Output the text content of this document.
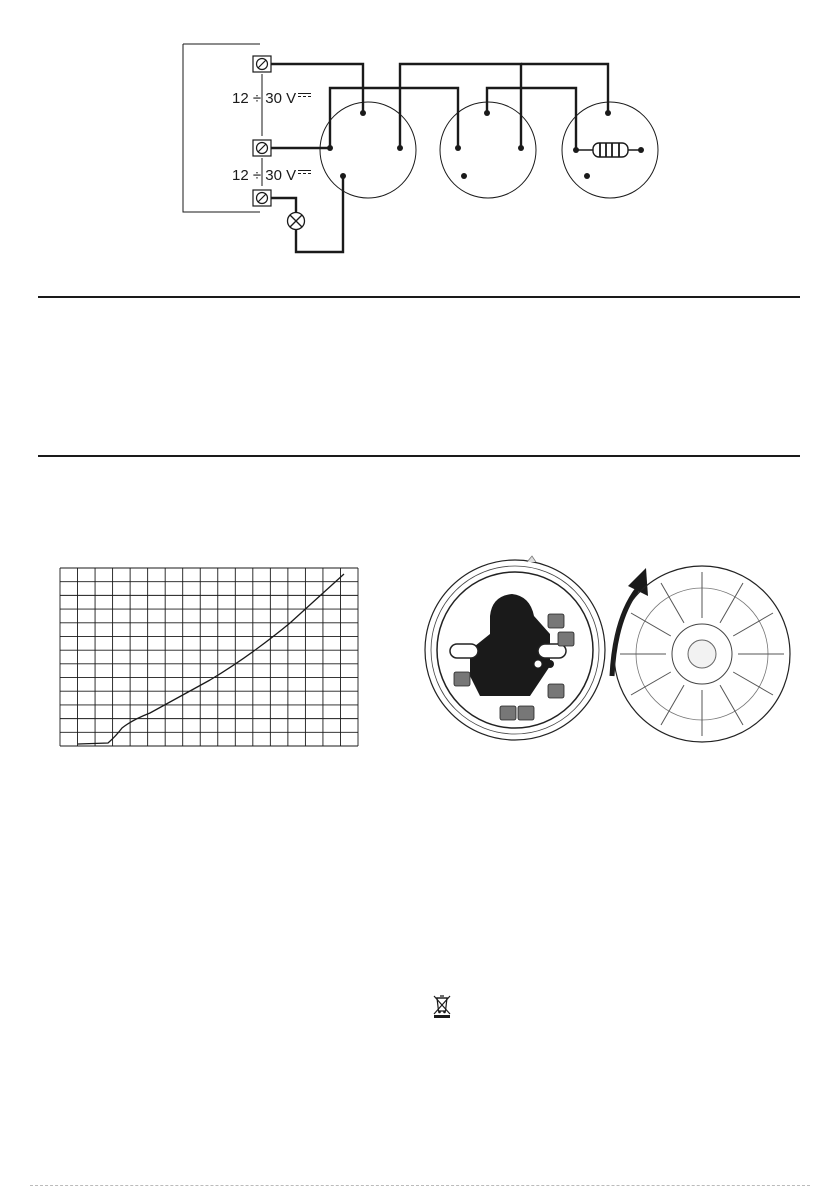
12 ÷ 30 V
12 ÷ 30 V
